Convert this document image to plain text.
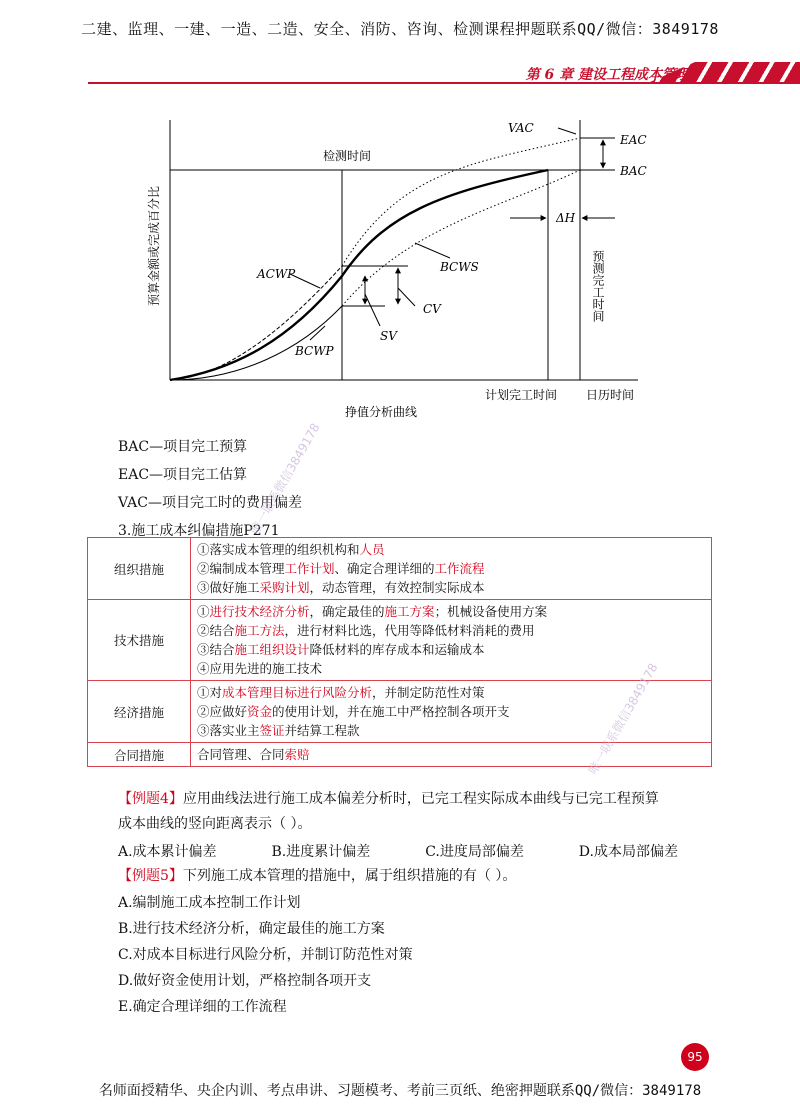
二建、监理、一建、一造、二造、安全、消防、咨询、检测课程押题联系QQ/微信：3849178
第 6 章 建设工程成本管理
检测时间
VAC
EAC
BAC
ΔH
BCWS
ACWP
BCWP
CV
SV
计划完工时间 日历时间
挣值分析曲线
预算金额或完成百分比	预测完工时间
BAC—项目完工预算
EAC—项目完工估算
VAC—项目完工时的费用偏差
3.施工成本纠偏措施P271
组织措施	①落实成本管理的组织机构和人员
②编制成本管理工作计划、确定合理详细的工作流程
③做好施工采购计划，动态管理，有效控制实际成本

技术措施	①进行技术经济分析，确定最佳的施工方案；机械设备使用方案
②结合施工方法，进行材料比选，代用等降低材料消耗的费用
③结合施工组织设计降低材料的库存成本和运输成本
④应用先进的施工技术

经济措施	①对成本管理目标进行风险分析，并制定防范性对策
②应做好资金的使用计划，并在施工中严格控制各项开支
③落实业主签证并结算工程款

合同措施	合同管理、合同索赔
【例题4】应用曲线法进行施工成本偏差分析时，已完工程实际成本曲线与已完工程预算
成本曲线的竖向距离表示（ ）。
A.成本累计偏差	B.进度累计偏差	C.进度局部偏差	D.成本局部偏差
【例题5】下列施工成本管理的措施中，属于组织措施的有（ ）。
A.编制施工成本控制工作计划
B.进行技术经济分析，确定最佳的施工方案
C.对成本目标进行风险分析，并制订防范性对策
D.做好资金使用计划，严格控制各项开支
E.确定合理详细的工作流程
95
名师面授精华、央企内训、考点串讲、习题模考、考前三页纸、绝密押题联系QQ/微信：3849178
唯一联系微信3849178
唯一联系微信3849178
